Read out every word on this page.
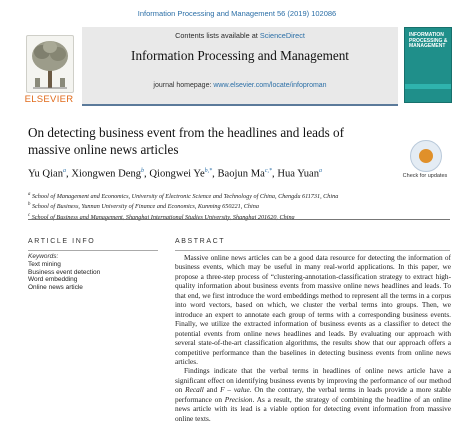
Information Processing and Management 56 (2019) 102086
ELSEVIER
Contents lists available at ScienceDirect
Information Processing and Management
journal homepage: www.elsevier.com/locate/infoproman
INFORMATION PROCESSING & MANAGEMENT
On detecting business event from the headlines and leads of massive online news articles
Check for updates
Yu Qian$^a$, Xiongwen Deng$^b$, Qiongwei $Ye^{b,*}$, Baojun $Ma^{c,*}$, Hua Yuan$^a$
$^a$ School of Management and Economics, University of Electronic Science and Technology of China, Chengdu 611731, China
$^b$ School of Business, Yunnan University of Finance and Economics, Kunming 650221, China
$^c$ School of Business and Management, Shanghai International Studies University, Shanghai 201620, China
ARTICLE INFO	ABSTRACT
Keywords:
Text mining
Business event detection
Word embedding
Online news article

Massive online news articles can be a good data resource for detecting the information of business events, which may be useful in many real-world applications. In this paper, we propose a three-step process of “clustering-annotation-classification strategy to extract high-quality information about business events from massive online news headlines and leads. To that end, we first introduce the word embeddings method to represent all the terms in a corpus into word vectors, based on which, we cluster the verbal terms into groups. Then, we introduce an expert to annotate each group of terms with a corresponding business events. Finally, we utilize the extracted information of business events as a classifier to detect the potential events from online news headlines and leads. By evaluating our approach with several state-of-the-art classification algorithms, the results show that our approach offers a competitive performance than the baselines in detecting business events from online news articles.

Findings indicate that the verbal terms in headlines of online news article have a significant effect on identifying business events by improving the performance of our method on Recall and F – value. On the contrary, the verbal terms in leads provide a more stable performance on Precision. As a result, the strategy of combining the headline of an online news article with its lead is a viable option for detecting event information from massive online texts.
